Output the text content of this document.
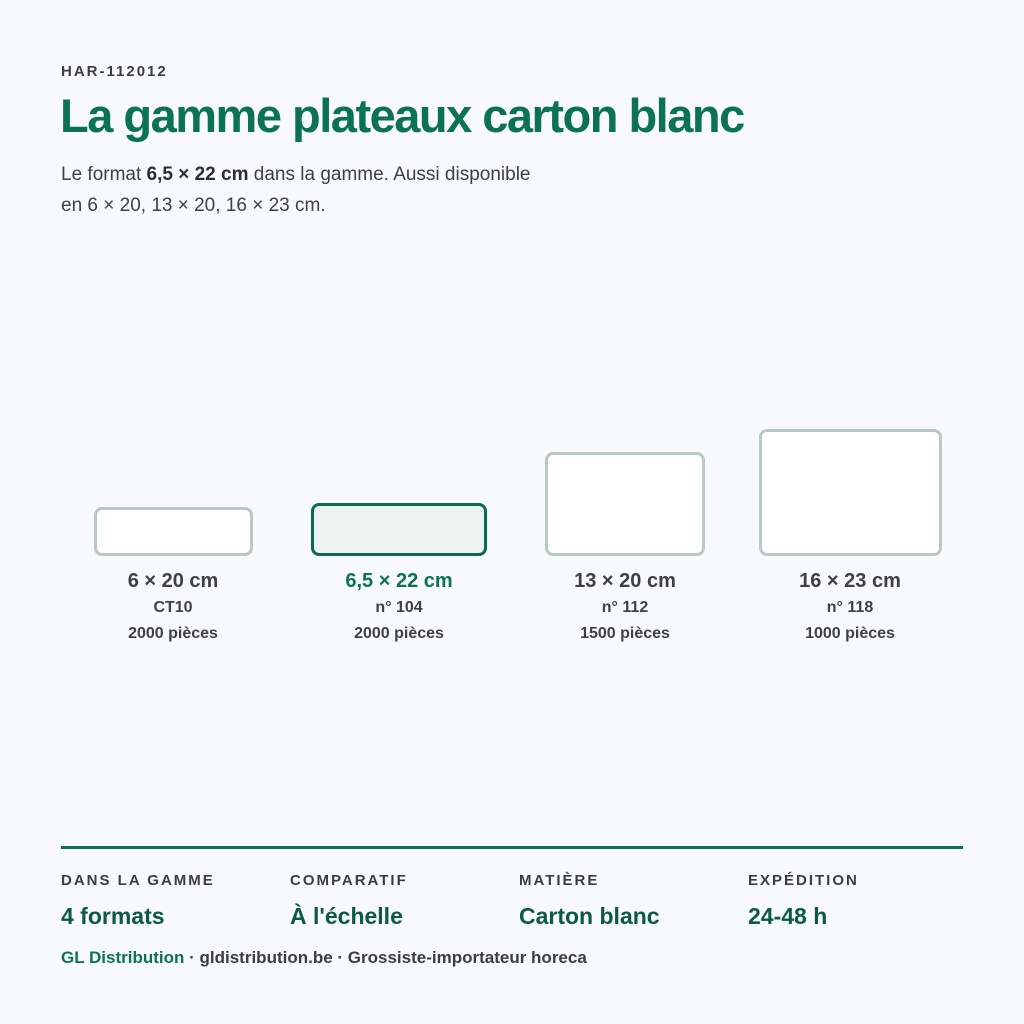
HAR-112012
La gamme plateaux carton blanc
Le format 6,5 × 22 cm dans la gamme. Aussi disponible
en 6 × 20, 13 × 20, 16 × 23 cm.
6 × 20 cm
CT10
2000 pièces
6,5 × 22 cm
n° 104
2000 pièces
13 × 20 cm
n° 112
1500 pièces
16 × 23 cm
n° 118
1000 pièces
DANS LA GAMME
4 formats
COMPARATIF
À l'échelle
MATIÈRE
Carton blanc
EXPÉDITION
24-48 h
GL Distribution · gldistribution.be · Grossiste-importateur horeca
